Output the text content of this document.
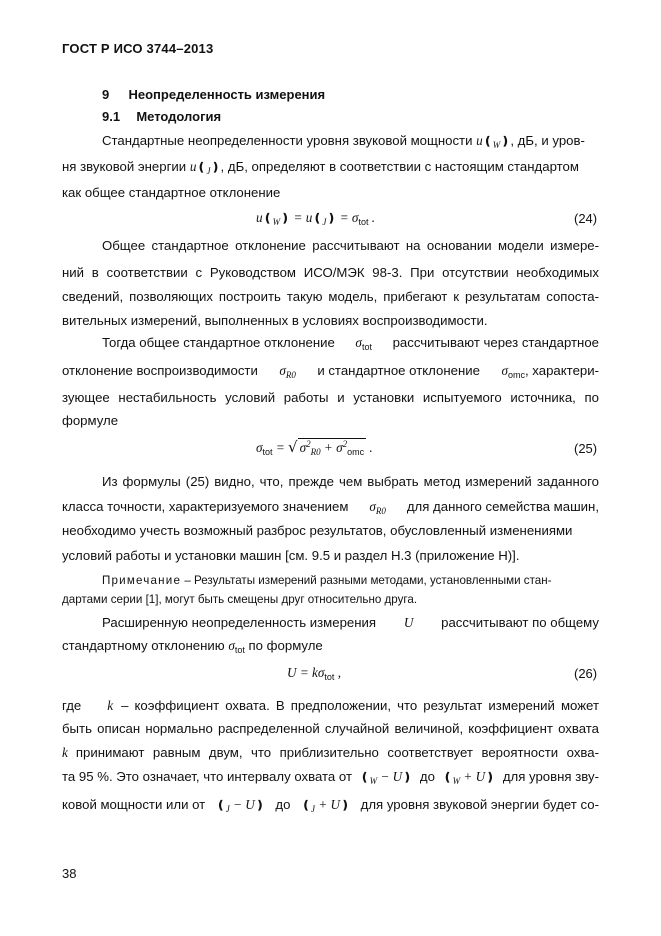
ГОСТ Р ИСО 3744–2013
9 Неопределенность измерения
9.1 Методология
Стандартные неопределенности уровня звуковой мощности $u❪_W❫$, дБ, и уров-
ня звуковой энергии $u❪_J❫$, дБ, определяют в соответствии с настоящим стандартом
как общее стандартное отклонение
$u❪_W❫$ = $u❪_J❫ = \sigma_{tot}$ .	(24)
Общее стандартное отклонение рассчитывают на основании модели измере-
ний в соответствии с Руководством ИСО/МЭК 98-3. При отсутствии необходимых
сведений, позволяющих построить такую модель, прибегают к результатам сопоста-
вительных измерений, выполненных в условиях воспроизводимости.
Тогда общее стандартное отклонение $\sigma_{tot}$ рассчитывают через стандартное
отклонение воспроизводимости $\sigma_{R0}$ и стандартное отклонение $\sigma_{omc}$, характери-
зующее нестабильность условий работы и установки испытуемого источника, по
формуле
$\sigma_{tot}$ = √ $\sigma^2_{R0} + \sigma^2_{omc}$ .	(25)
Из формулы (25) видно, что, прежде чем выбрать метод измерений заданного
класса точности, характеризуемого значением $\sigma_{R0}$ для данного семейства машин,
необходимо учесть возможный разброс результатов, обусловленный изменениями
условий работы и установки машин [см. 9.5 и раздел Н.3 (приложение Н)].
Примечание – Результаты измерений разными методами, установленными стан-
дартами серии [1], могут быть смещены друг относительно друга.
Расширенную неопределенность измерения U рассчитывают по общему
стандартному отклонению $\sigma_{tot}$ по формуле
$U = k\sigma_{tot}$ ,	(26)
где k – коэффициент охвата. В предположении, что результат измерений может
быть описан нормально распределенной случайной величиной, коэффициент охвата
k принимают равным двум, что приблизительно соответствует вероятности охва-
та 95 %. Это означает, что интервалу охвата от $❪_W$ − U❫ до $❪_W$ + U❫ для уровня зву-
ковой мощности или от $❪_J$ − U❫ до $❪_J$ + U❫ для уровня звуковой энергии будет со-
38
